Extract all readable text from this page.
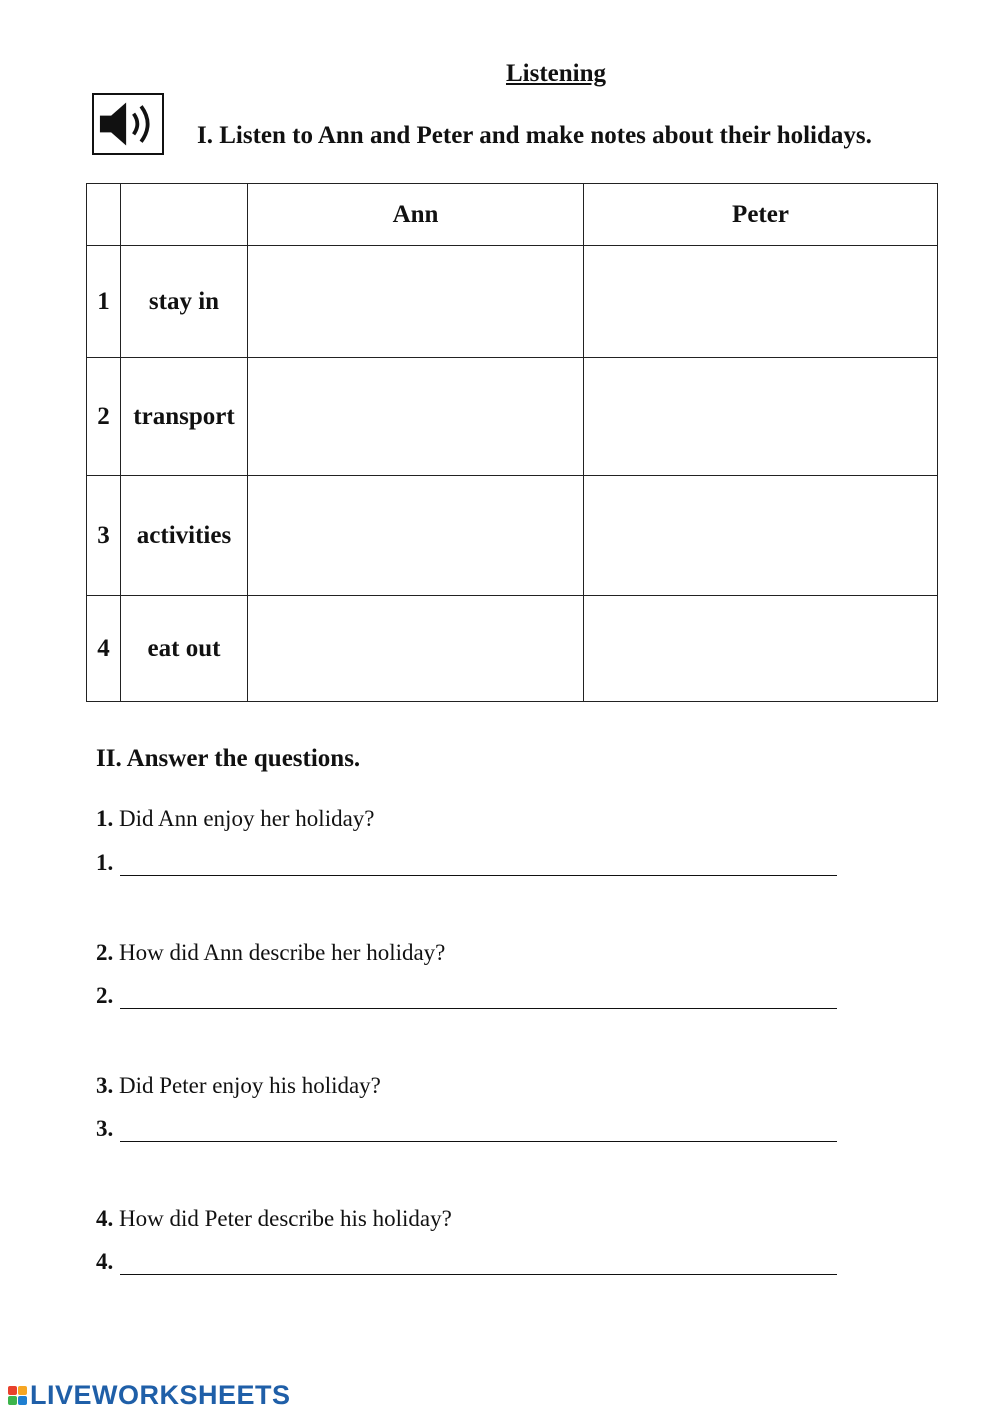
Listening
I. Listen to Ann and Peter and make notes about their holidays.
		Ann	Peter
1	stay in		
2	transport		
3	activities		
4	eat out		
II. Answer the questions.
1. Did Ann enjoy her holiday?
1.
2. How did Ann describe her holiday?
2.
3. Did Peter enjoy his holiday?
3.
4. How did Peter describe his holiday?
4.
LIVEWORKSHEETS
